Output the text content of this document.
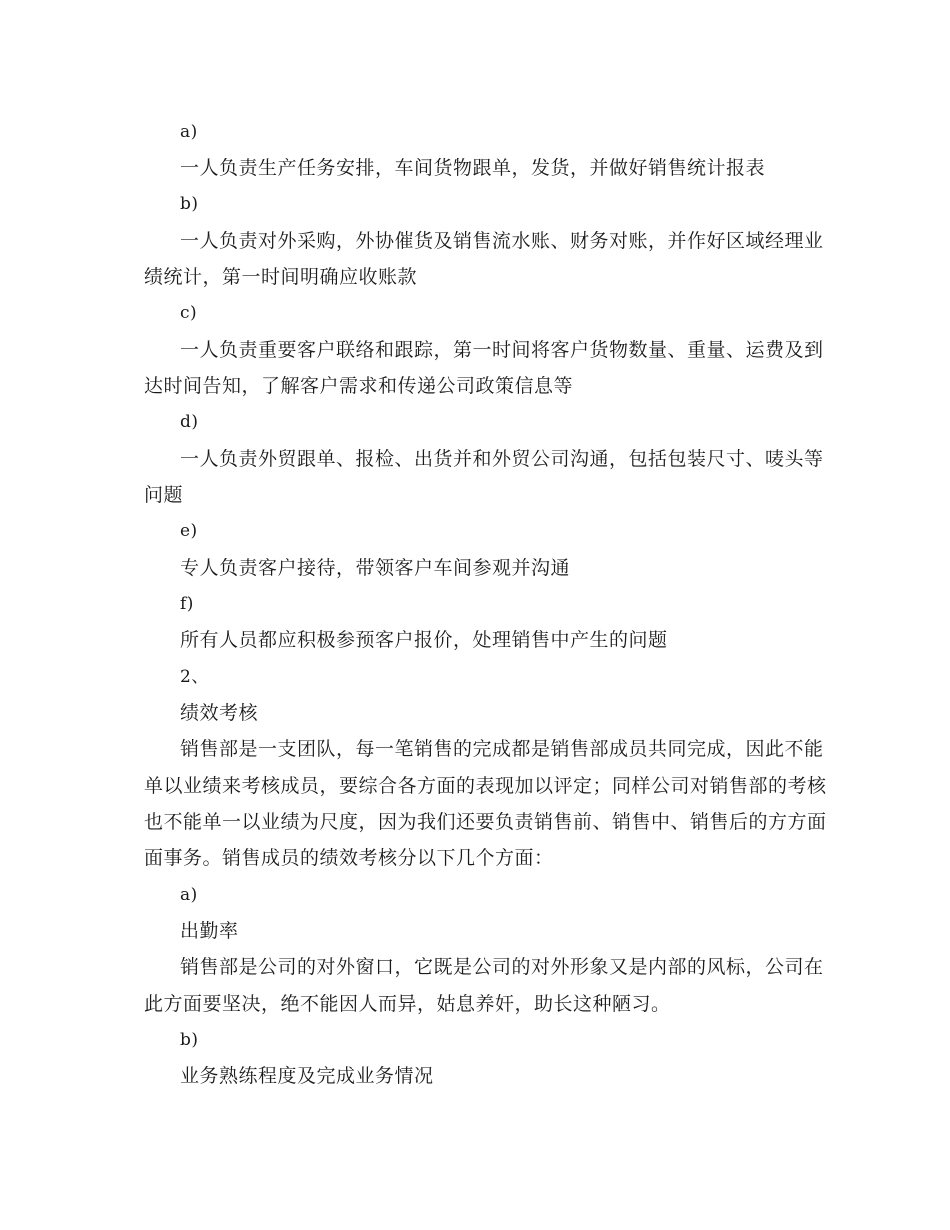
a)
一人负责生产任务安排，车间货物跟单，发货，并做好销售统计报表
b)
一人负责对外采购，外协催货及销售流水账、财务对账，并作好区域经理业
绩统计，第一时间明确应收账款
c)
一人负责重要客户联络和跟踪，第一时间将客户货物数量、重量、运费及到
达时间告知，了解客户需求和传递公司政策信息等
d)
一人负责外贸跟单、报检、出货并和外贸公司沟通，包括包装尺寸、唛头等
问题
e)
专人负责客户接待，带领客户车间参观并沟通
f)
所有人员都应积极参预客户报价，处理销售中产生的问题
2、
绩效考核
销售部是一支团队，每一笔销售的完成都是销售部成员共同完成，因此不能
单以业绩来考核成员，要综合各方面的表现加以评定；同样公司对销售部的考核
也不能单一以业绩为尺度，因为我们还要负责销售前、销售中、销售后的方方面
面事务。销售成员的绩效考核分以下几个方面：
a)
出勤率
销售部是公司的对外窗口，它既是公司的对外形象又是内部的风标，公司在
此方面要坚决，绝不能因人而异，姑息养奸，助长这种陋习。
b)
业务熟练程度及完成业务情况
